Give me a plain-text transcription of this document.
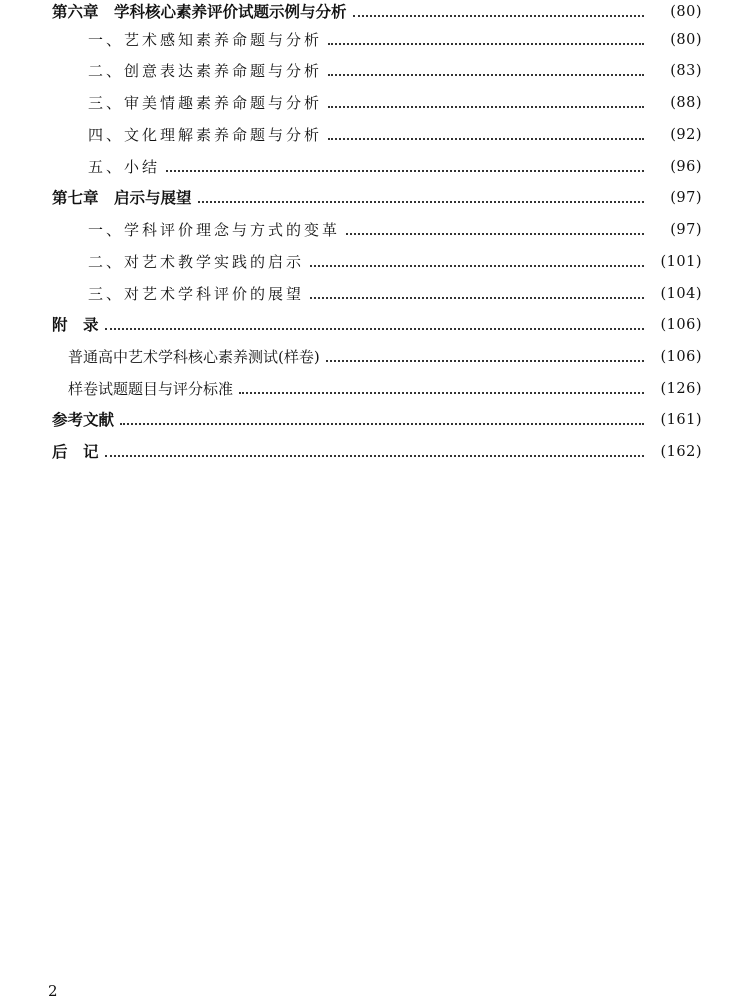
第六章　学科核心素养评价试题示例与分析	(80)
一、艺术感知素养命题与分析	(80)
二、创意表达素养命题与分析	(83)
三、审美情趣素养命题与分析	(88)
四、文化理解素养命题与分析	(92)
五、小结	(96)
第七章　启示与展望	(97)
一、学科评价理念与方式的变革	(97)
二、对艺术教学实践的启示	(101)
三、对艺术学科评价的展望	(104)
附　录	(106)
普通高中艺术学科核心素养测试(样卷)	(106)
样卷试题题目与评分标准	(126)
参考文献	(161)
后　记	(162)
2
